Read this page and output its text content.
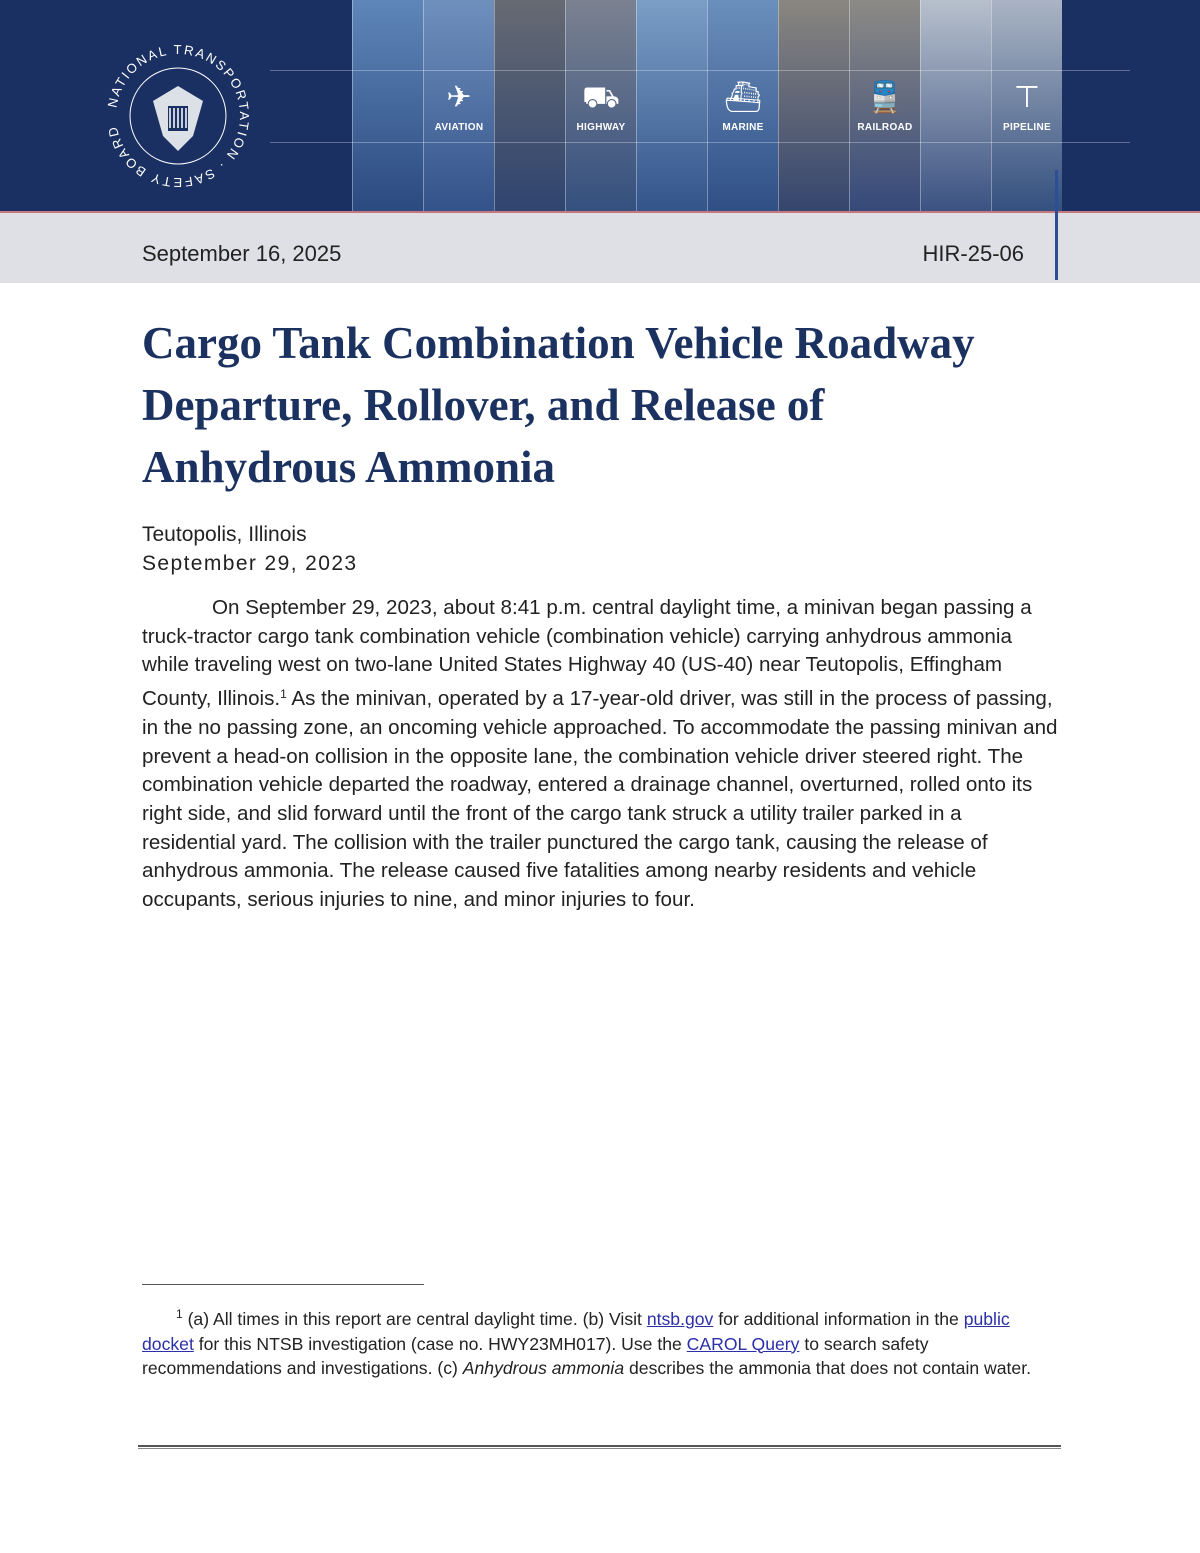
NATIONAL TRANSPORTATION · SAFETY BOARD
✈
AVIATION
⛟
HIGHWAY
⛴
MARINE
🚆
RAILROAD
⊤
PIPELINE
September 16, 2025	HIR-25-06
Cargo Tank Combination Vehicle Roadway Departure, Rollover, and Release of Anhydrous Ammonia
Teutopolis, Illinois
September 29, 2023

On September 29, 2023, about 8:41 p.m. central daylight time, a minivan began passing a truck-tractor cargo tank combination vehicle (combination vehicle) carrying anhydrous ammonia while traveling west on two-lane United States Highway 40 (US-40) near Teutopolis, Effingham County, Illinois.$^1$ As the minivan, operated by a 17-year-old driver, was still in the process of passing, in the no passing zone, an oncoming vehicle approached. To accommodate the passing minivan and prevent a head-on collision in the opposite lane, the combination vehicle driver steered right. The combination vehicle departed the roadway, entered a drainage channel, overturned, rolled onto its right side, and slid forward until the front of the cargo tank struck a utility trailer parked in a residential yard. The collision with the trailer punctured the cargo tank, causing the release of anhydrous ammonia. The release caused five fatalities among nearby residents and vehicle occupants, serious injuries to nine, and minor injuries to four.

$^1$ (a) All times in this report are central daylight time. (b) Visit ntsb.gov for additional information in the public docket for this NTSB investigation (case no. HWY23MH017). Use the CAROL Query to search safety recommendations and investigations. (c) Anhydrous ammonia describes the ammonia that does not contain water.
